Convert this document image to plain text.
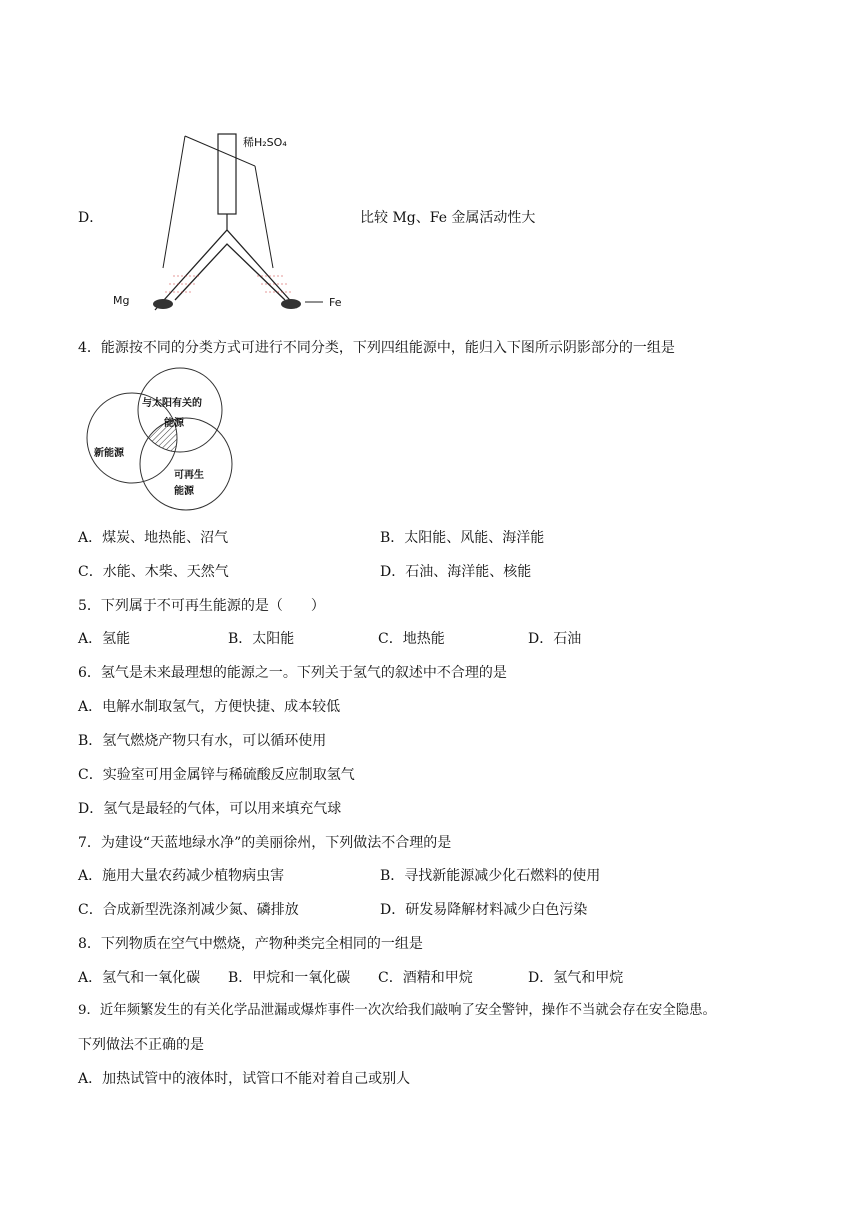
D．
稀H₂SO₄
Mg	Fe
比较 Mg、Fe 金属活动性大
4．能源按不同的分类方式可进行不同分类，下列四组能源中，能归入下图所示阴影部分的一组是
与太阳有关的
能源
新能源
可再生
能源
A．煤炭、地热能、沼气	B．太阳能、风能、海洋能
C．水能、木柴、天然气	D．石油、海洋能、核能
5．下列属于不可再生能源的是（　　）
A．氢能	B．太阳能	C．地热能	D．石油
6．氢气是未来最理想的能源之一。下列关于氢气的叙述中不合理的是
A．电解水制取氢气，方便快捷、成本较低
B．氢气燃烧产物只有水，可以循环使用
C．实验室可用金属锌与稀硫酸反应制取氢气
D．氢气是最轻的气体，可以用来填充气球
7．为建设“天蓝地绿水净”的美丽徐州，下列做法不合理的是
A．施用大量农药减少植物病虫害	B．寻找新能源减少化石燃料的使用
C．合成新型洗涤剂减少氮、磷排放	D．研发易降解材料减少白色污染
8．下列物质在空气中燃烧，产物种类完全相同的一组是
A．氢气和一氧化碳 B．甲烷和一氧化碳 C．酒精和甲烷	D．氢气和甲烷
9．近年频繁发生的有关化学品泄漏或爆炸事件一次次给我们敲响了安全警钟，操作不当就会存在安全隐患。
下列做法不正确的是
A．加热试管中的液体时，试管口不能对着自己或别人
